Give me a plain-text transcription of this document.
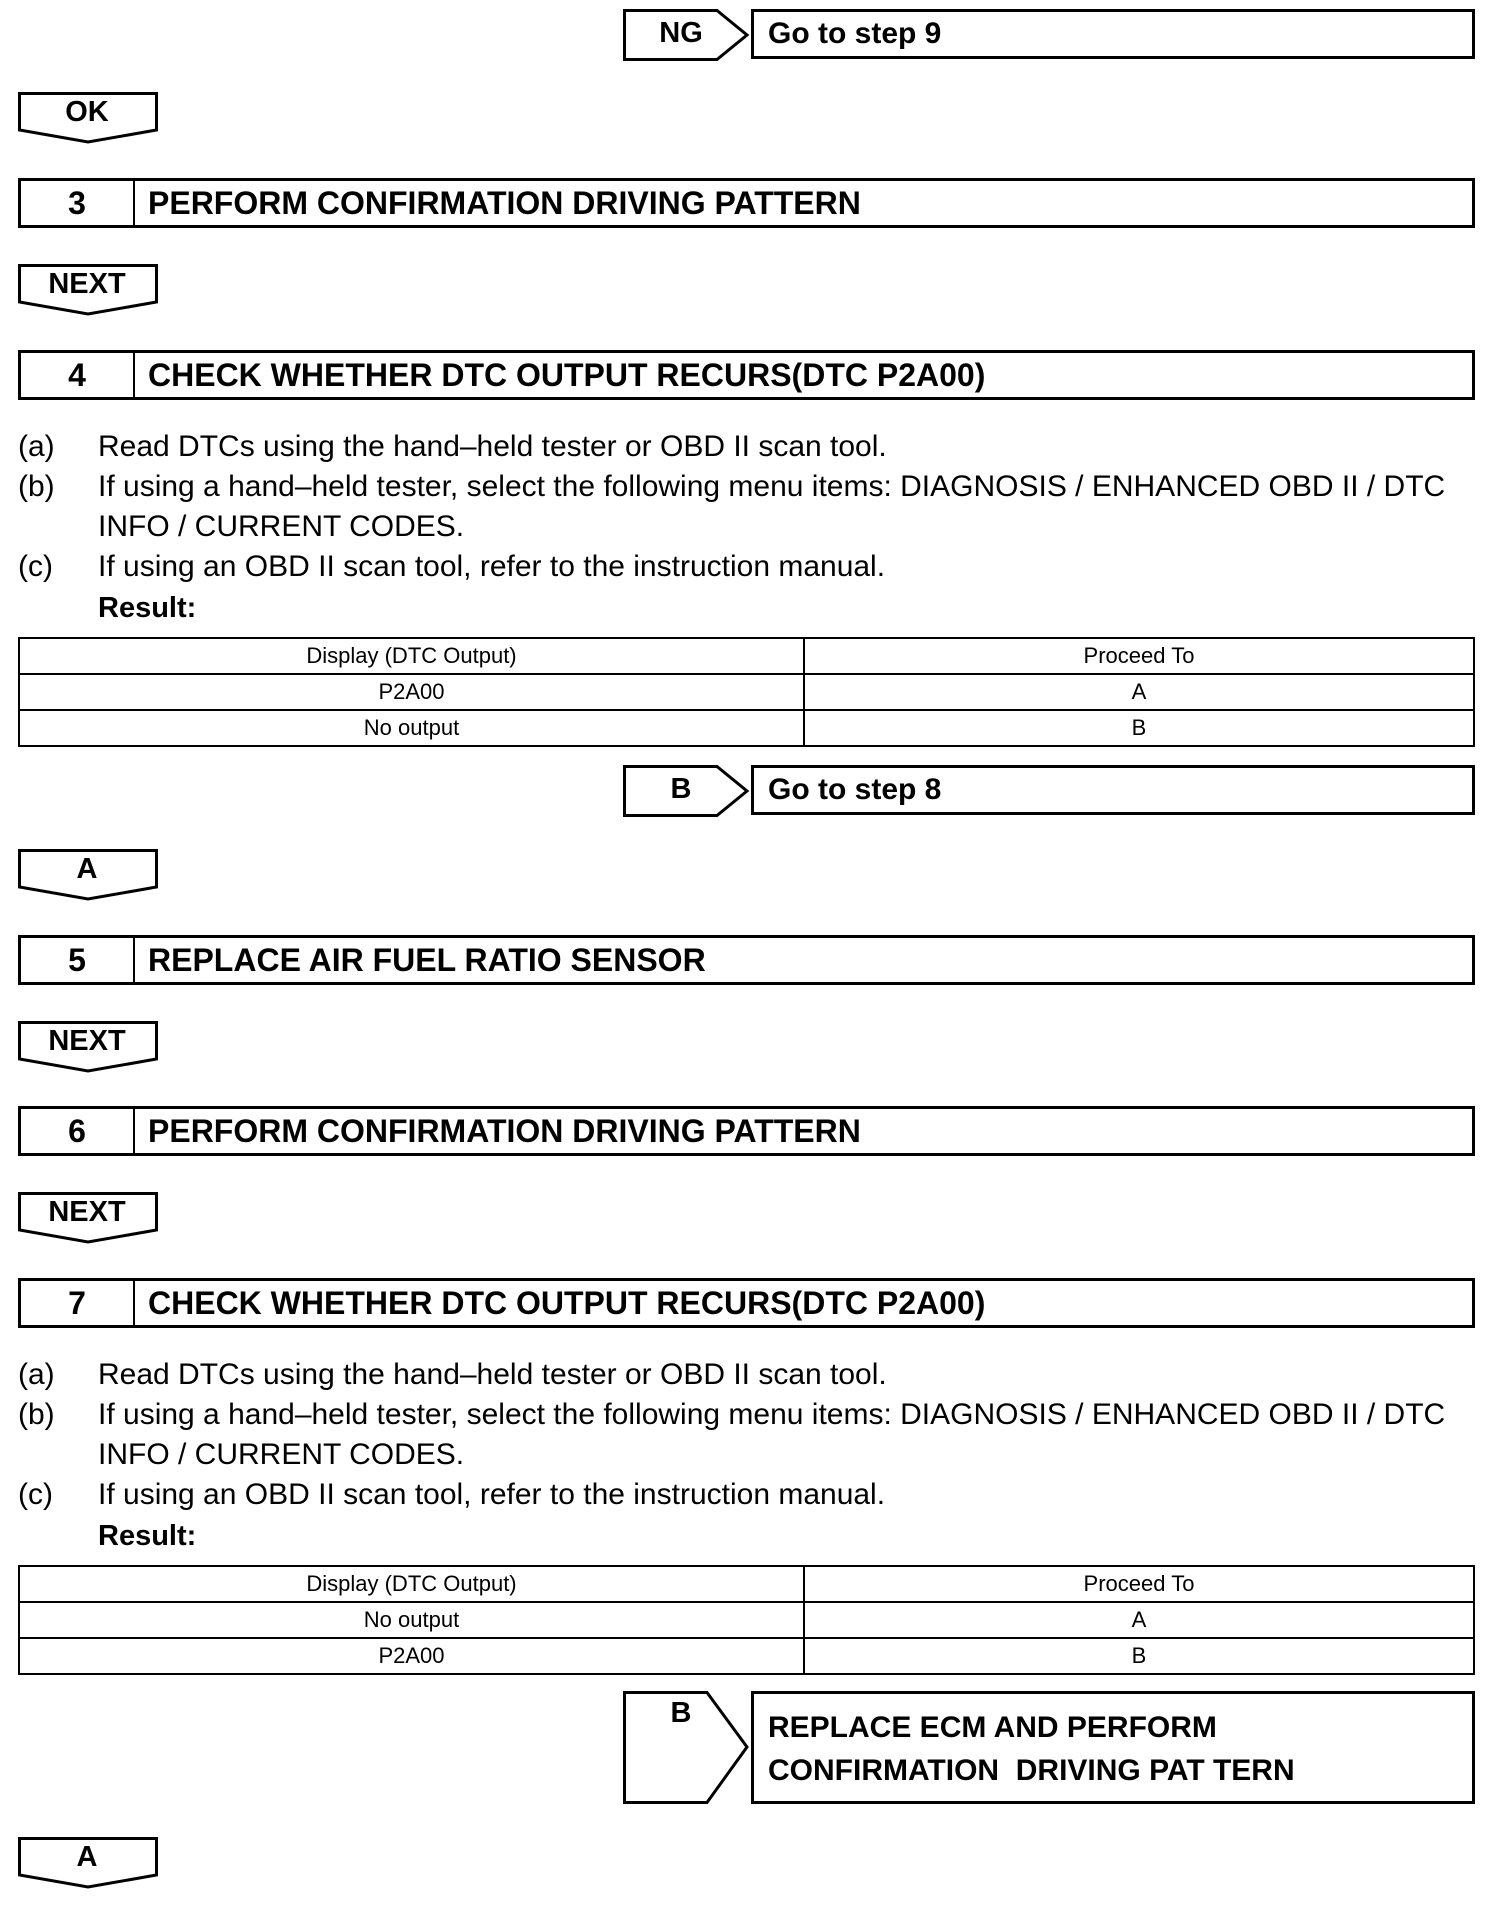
NG	Go to step 9
OK
3	PERFORM CONFIRMATION DRIVING PATTERN
NEXT
4	CHECK WHETHER DTC OUTPUT RECURS(DTC P2A00)
(a) Read DTCs using the hand–held tester or OBD II scan tool.
(b) If using a hand–held tester, select the following menu items: DIAGNOSIS / ENHANCED OBD II / DTC INFO / CURRENT CODES.
(c) If using an OBD II scan tool, refer to the instruction manual.
Result:
Display (DTC Output)	Proceed To
P2A00	A
No output	B
B	Go to step 8
A
5	REPLACE AIR FUEL RATIO SENSOR
NEXT
6	PERFORM CONFIRMATION DRIVING PATTERN
NEXT
7	CHECK WHETHER DTC OUTPUT RECURS(DTC P2A00)
(a) Read DTCs using the hand–held tester or OBD II scan tool.
(b) If using a hand–held tester, select the following menu items: DIAGNOSIS / ENHANCED OBD II / DTC INFO / CURRENT CODES.
(c) If using an OBD II scan tool, refer to the instruction manual.
Result:
Display (DTC Output)	Proceed To
No output	A
P2A00	B
B	REPLACE ECM AND PERFORM
CONFIRMATION  DRIVING PAT TERN
A
